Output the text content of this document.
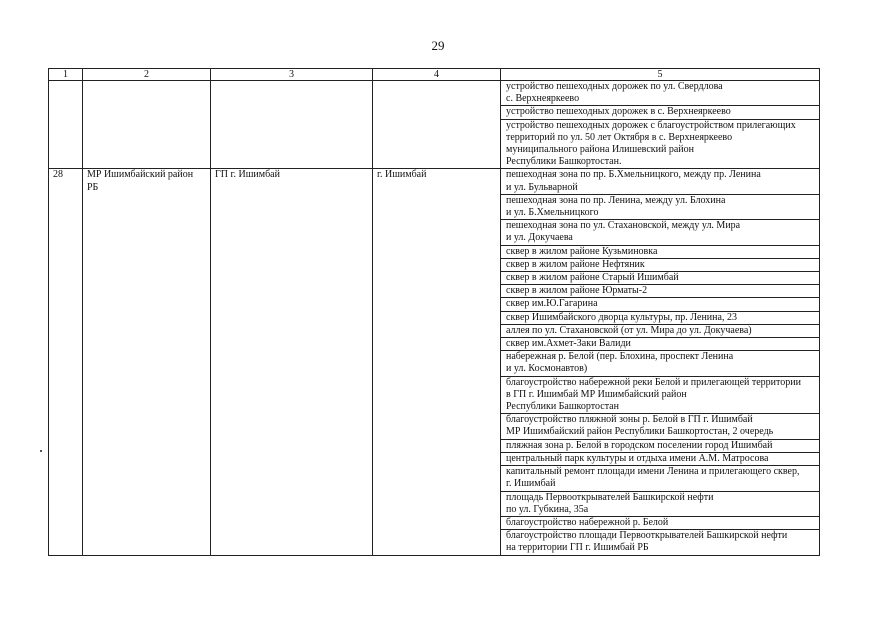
29
1	2	3	4	5
				устройство пешеходных дорожек по ул. Свердлова
с. Верхнеяркеево
				устройство пешеходных дорожек в с. Верхнеяркеево
				устройство пешеходных дорожек с благоустройством прилегающих
территорий по ул. 50 лет Октября в с. Верхнеяркеево
муниципального района Илишевский район
Республики Башкортостан.
28	МР Ишимбайский район РБ	ГП г. Ишимбай	г. Ишимбай	пешеходная зона по пр. Б.Хмельницкого, между пр. Ленина
и ул. Бульварной
				пешеходная зона по пр. Ленина, между ул. Блохина
и ул. Б.Хмельницкого
				пешеходная зона по ул. Стахановской, между ул. Мира
и ул. Докучаева
				сквер в жилом районе Кузьминовка
				сквер в жилом районе Нефтяник
				сквер в жилом районе Старый Ишимбай
				сквер в жилом районе Юрматы-2
				сквер им.Ю.Гагарина
				сквер Ишимбайского дворца культуры, пр. Ленина, 23
				аллея по ул. Стахановской (от ул. Мира до ул. Докучаева)
				сквер им.Ахмет-Заки Валиди
				набережная р. Белой (пер. Блохина, проспект Ленина
и ул. Космонавтов)
				благоустройство набережной реки Белой и прилегающей территории
в ГП г. Ишимбай МР Ишимбайский район
Республики Башкортостан
				благоустройство пляжной зоны р. Белой в ГП г. Ишимбай
МР Ишимбайский район Республики Башкортостан, 2 очередь
				пляжная зона р. Белой в городском поселении город Ишимбай
				центральный парк культуры и отдыха имени А.М. Матросова
				капитальный ремонт площади имени Ленина и прилегающего сквер,
г. Ишимбай
				площадь Первооткрывателей Башкирской нефти
по ул. Губкина, 35а
				благоустройство набережной р. Белой
				благоустройство площади Первооткрывателей Башкирской нефти
на территории ГП г. Ишимбай РБ
